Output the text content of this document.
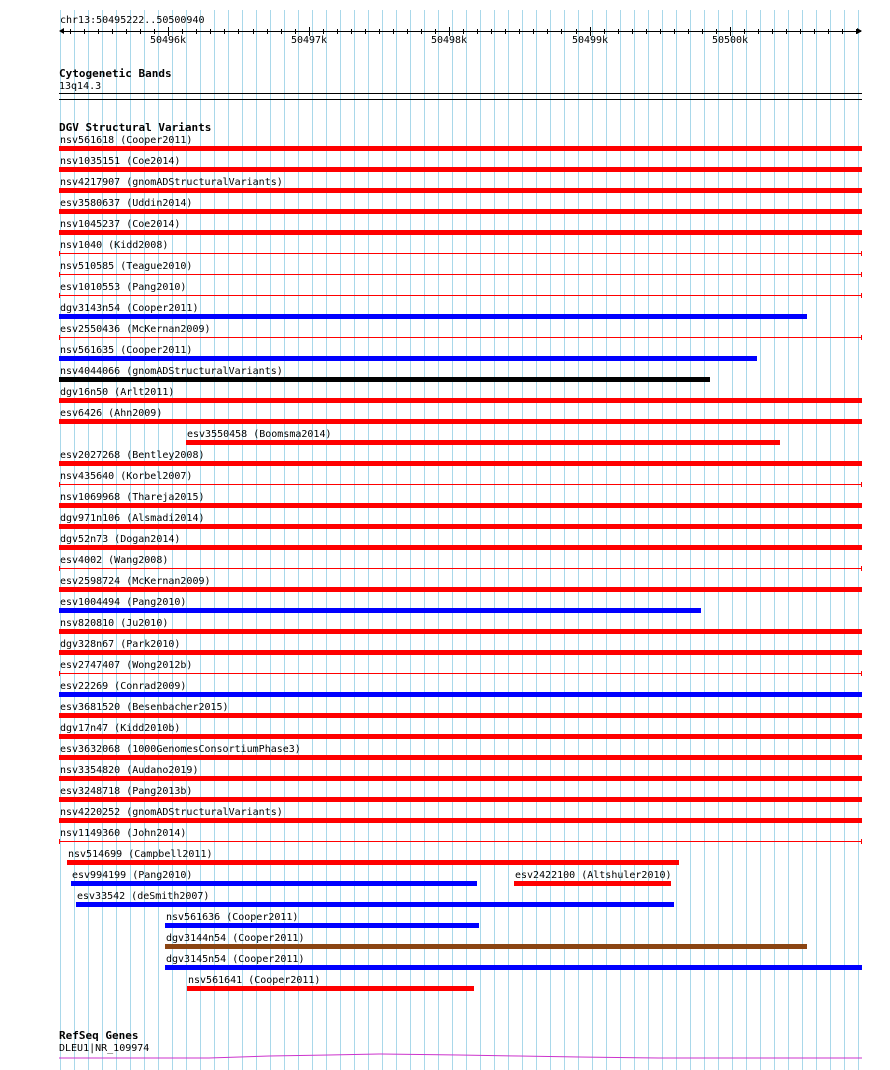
chr13:50495222..50500940
50496k	50497k	50498k	50499k	50500k
Cytogenetic Bands
13q14.3
DGV Structural Variants
nsv561618 (Cooper2011)
nsv1035151 (Coe2014)
nsv4217907 (gnomADStructuralVariants)
esv3580637 (Uddin2014)
nsv1045237 (Coe2014)
nsv1040 (Kidd2008)
nsv510585 (Teague2010)
esv1010553 (Pang2010)
dgv3143n54 (Cooper2011)
esv2550436 (McKernan2009)
nsv561635 (Cooper2011)
nsv4044066 (gnomADStructuralVariants)
dgv16n50 (Arlt2011)
esv6426 (Ahn2009)
esv3550458 (Boomsma2014)
esv2027268 (Bentley2008)
nsv435640 (Korbel2007)
nsv1069968 (Thareja2015)
dgv971n106 (Alsmadi2014)
dgv52n73 (Dogan2014)
esv4002 (Wang2008)
esv2598724 (McKernan2009)
esv1004494 (Pang2010)
nsv820810 (Ju2010)
dgv328n67 (Park2010)
esv2747407 (Wong2012b)
esv22269 (Conrad2009)
esv3681520 (Besenbacher2015)
dgv17n47 (Kidd2010b)
esv3632068 (1000GenomesConsortiumPhase3)
nsv3354820 (Audano2019)
esv3248718 (Pang2013b)
nsv4220252 (gnomADStructuralVariants)
nsv1149360 (John2014)
nsv514699 (Campbell2011)
esv994199 (Pang2010)	esv2422100 (Altshuler2010)
esv33542 (deSmith2007)
nsv561636 (Cooper2011)
dgv3144n54 (Cooper2011)
dgv3145n54 (Cooper2011)
nsv561641 (Cooper2011)
RefSeq Genes
DLEU1|NR_109974
